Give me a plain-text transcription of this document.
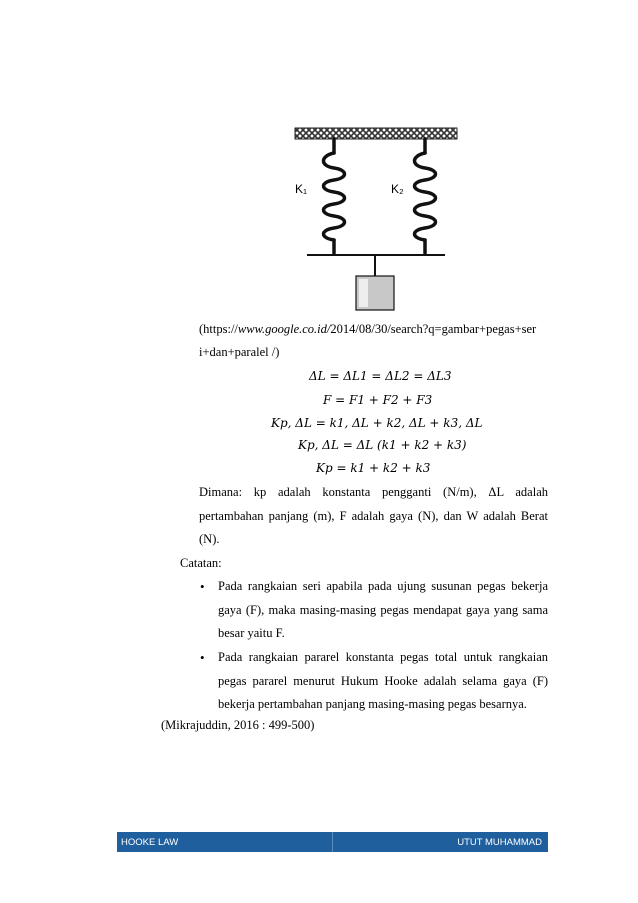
K₁	K₂
(https://www.google.co.id/2014/08/30/search?q=gambar+pegas+ser
i+dan+paralel /)
ΔL = ΔL1 = ΔL2 = ΔL3
F = F1 + F2 + F3
Kp, ΔL = k1, ΔL + k2, ΔL + k3, ΔL
Kp, ΔL = ΔL (k1 + k2 + k3)
Kp = k1 + k2 + k3
Dimana: kp adalah konstanta pengganti (N/m), ΔL adalah
pertambahan panjang (m), F adalah gaya (N), dan W adalah Berat
(N).
Catatan:
• Pada rangkaian seri apabila pada ujung susunan pegas bekerja
gaya (F), maka masing-masing pegas mendapat gaya yang sama
besar yaitu F.
• Pada rangkaian pararel konstanta pegas total untuk rangkaian
pegas pararel menurut Hukum Hooke adalah selama gaya (F)
bekerja pertambahan panjang masing-masing pegas besarnya.
(Mikrajuddin, 2016 : 499-500)
HOOKE LAW	UTUT MUHAMMAD
